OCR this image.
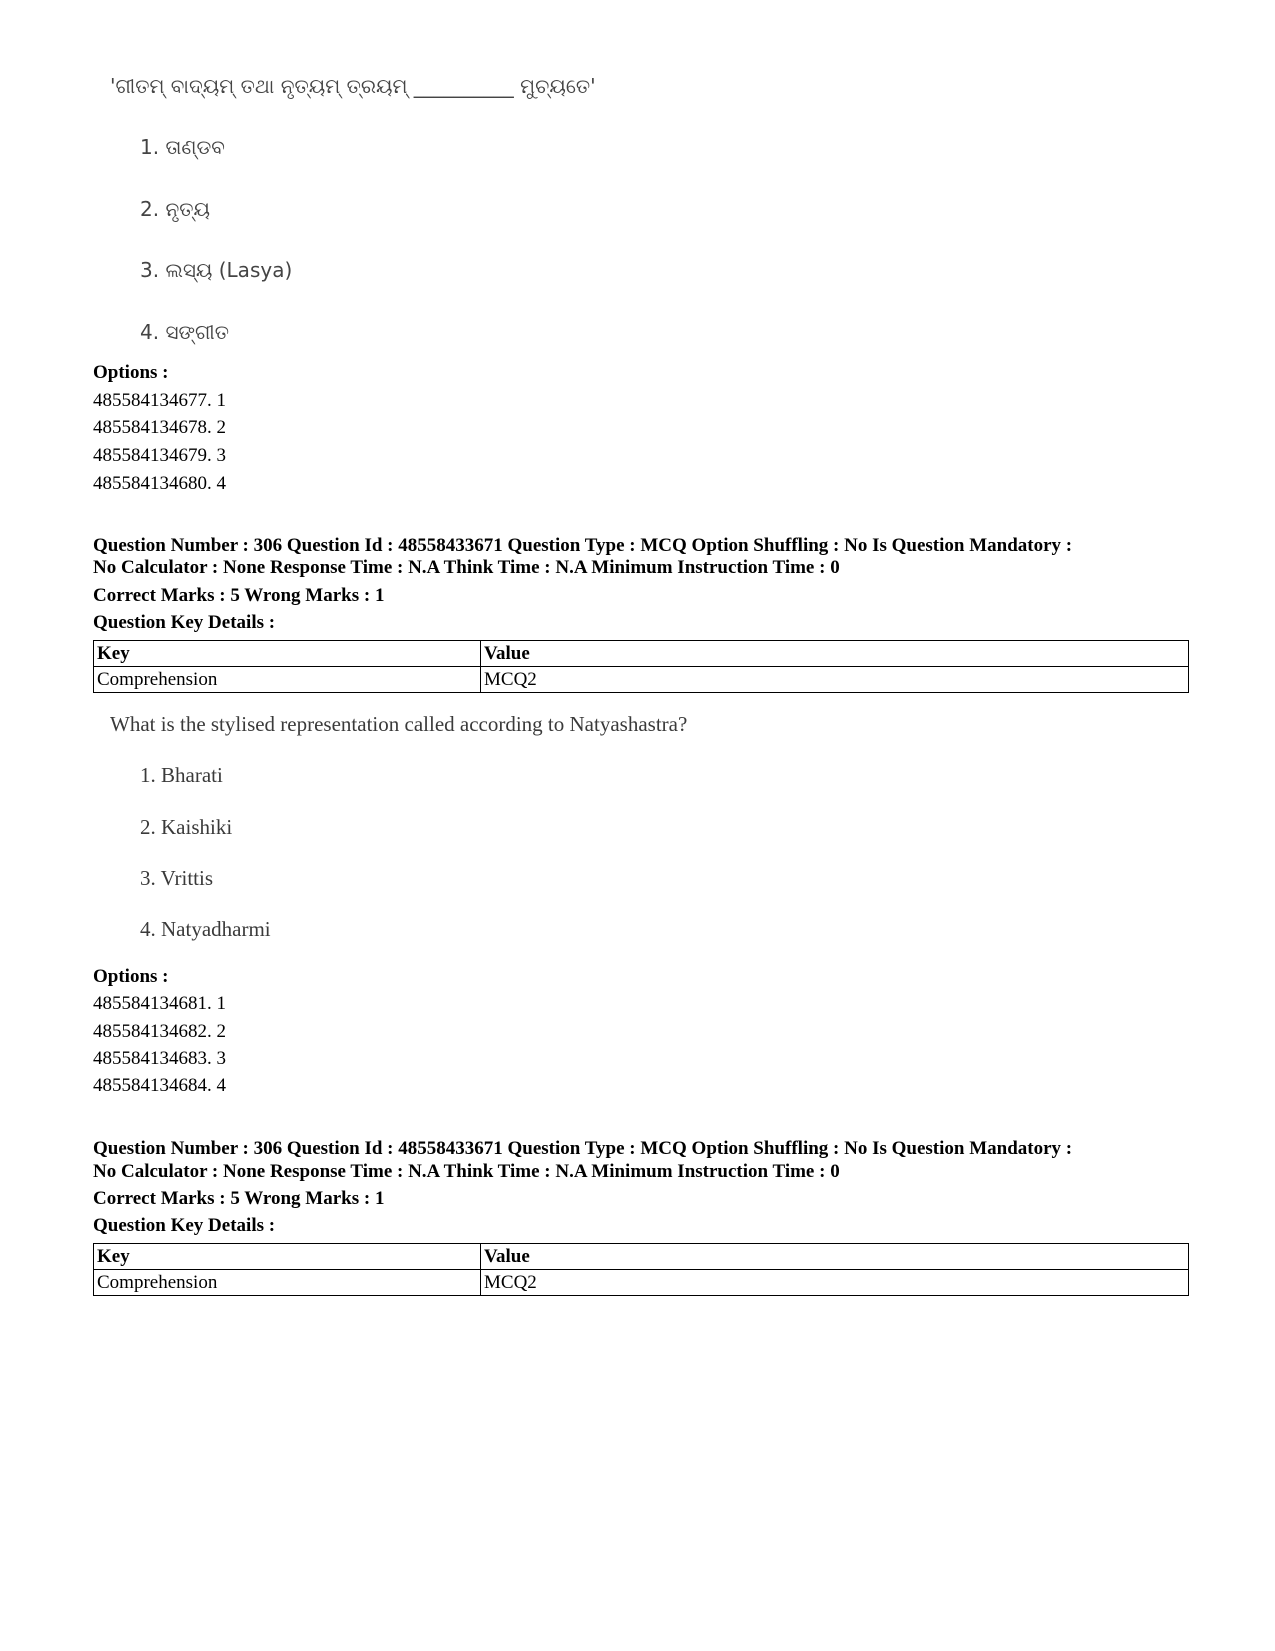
'ଗୀତମ୍ ବାଦ୍ୟମ୍ ତଥା ନୃତ୍ୟମ୍ ତ୍ରୟମ୍ __________ ମୁଚ୍ୟତେ'
1. ତାଣ୍ଡବ
2. ନୃତ୍ୟ
3. ଲସ୍ୟ (Lasya)
4. ସଙ୍ଗୀତ
Options :
485584134677. 1
485584134678. 2
485584134679. 3
485584134680. 4
Question Number : 306 Question Id : 48558433671 Question Type : MCQ Option Shuffling : No Is Question Mandatory :
No Calculator : None Response Time : N.A Think Time : N.A Minimum Instruction Time : 0
Correct Marks : 5 Wrong Marks : 1
Question Key Details :
Key	Value
Comprehension	MCQ2
What is the stylised representation called according to Natyashastra?
1. Bharati
2. Kaishiki
3. Vrittis
4. Natyadharmi
Options :
485584134681. 1
485584134682. 2
485584134683. 3
485584134684. 4
Question Number : 306 Question Id : 48558433671 Question Type : MCQ Option Shuffling : No Is Question Mandatory :
No Calculator : None Response Time : N.A Think Time : N.A Minimum Instruction Time : 0
Correct Marks : 5 Wrong Marks : 1
Question Key Details :
Key	Value
Comprehension	MCQ2
